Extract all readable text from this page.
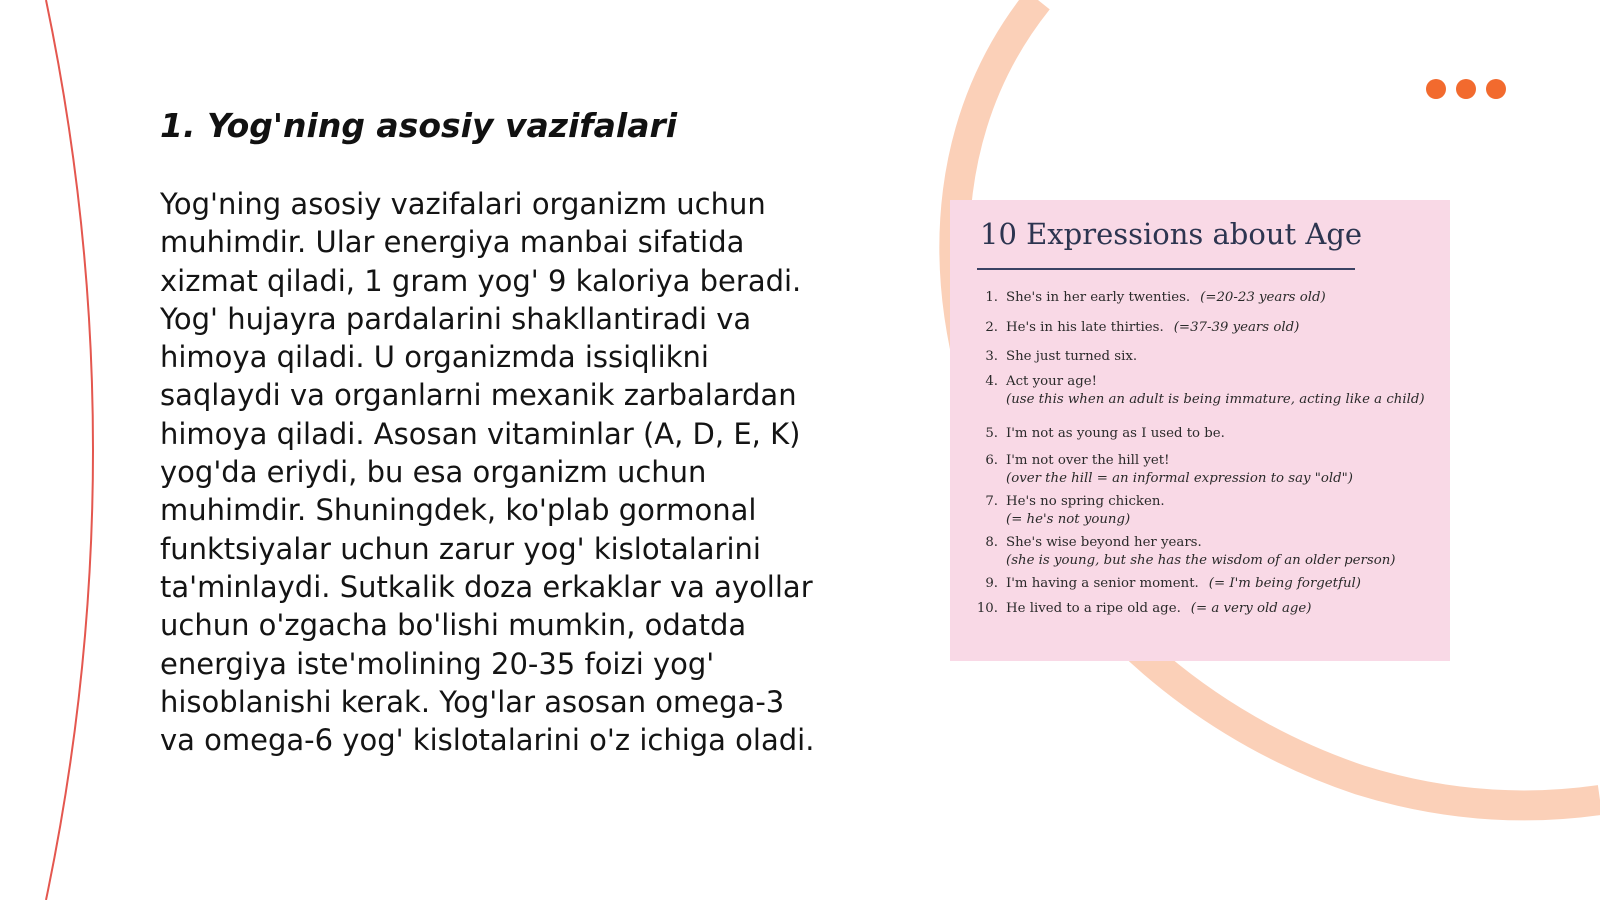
1. Yog'ning asosiy vazifalari

Yog'ning asosiy vazifalari organizm uchun
muhimdir. Ular energiya manbai sifatida
xizmat qiladi, 1 gram yog' 9 kaloriya beradi.
Yog' hujayra pardalarini shakllantiradi va
himoya qiladi. U organizmda issiqlikni
saqlaydi va organlarni mexanik zarbalardan
himoya qiladi. Asosan vitaminlar (A, D, E, K)
yog'da eriydi, bu esa organizm uchun
muhimdir. Shuningdek, ko'plab gormonal
funktsiyalar uchun zarur yog' kislotalarini
ta'minlaydi. Sutkalik doza erkaklar va ayollar
uchun o'zgacha bo'lishi mumkin, odatda
energiya iste'molining 20-35 foizi yog'
hisoblanishi kerak. Yog'lar asosan omega-3
va omega-6 yog' kislotalarini o'z ichiga oladi.

10 Expressions about Age
1. She's in her early twenties. (=20-23 years old)
2. He's in his late thirties. (=37-39 years old)
3. She just turned six.
4. Act your age!
(use this when an adult is being immature, acting like a child)
5. I'm not as young as I used to be.
6. I'm not over the hill yet!
(over the hill = an informal expression to say "old")
7. He's no spring chicken.
(= he's not young)
8. She's wise beyond her years.
(she is young, but she has the wisdom of an older person)
9. I'm having a senior moment. (= I'm being forgetful)
10. He lived to a ripe old age. (= a very old age)
